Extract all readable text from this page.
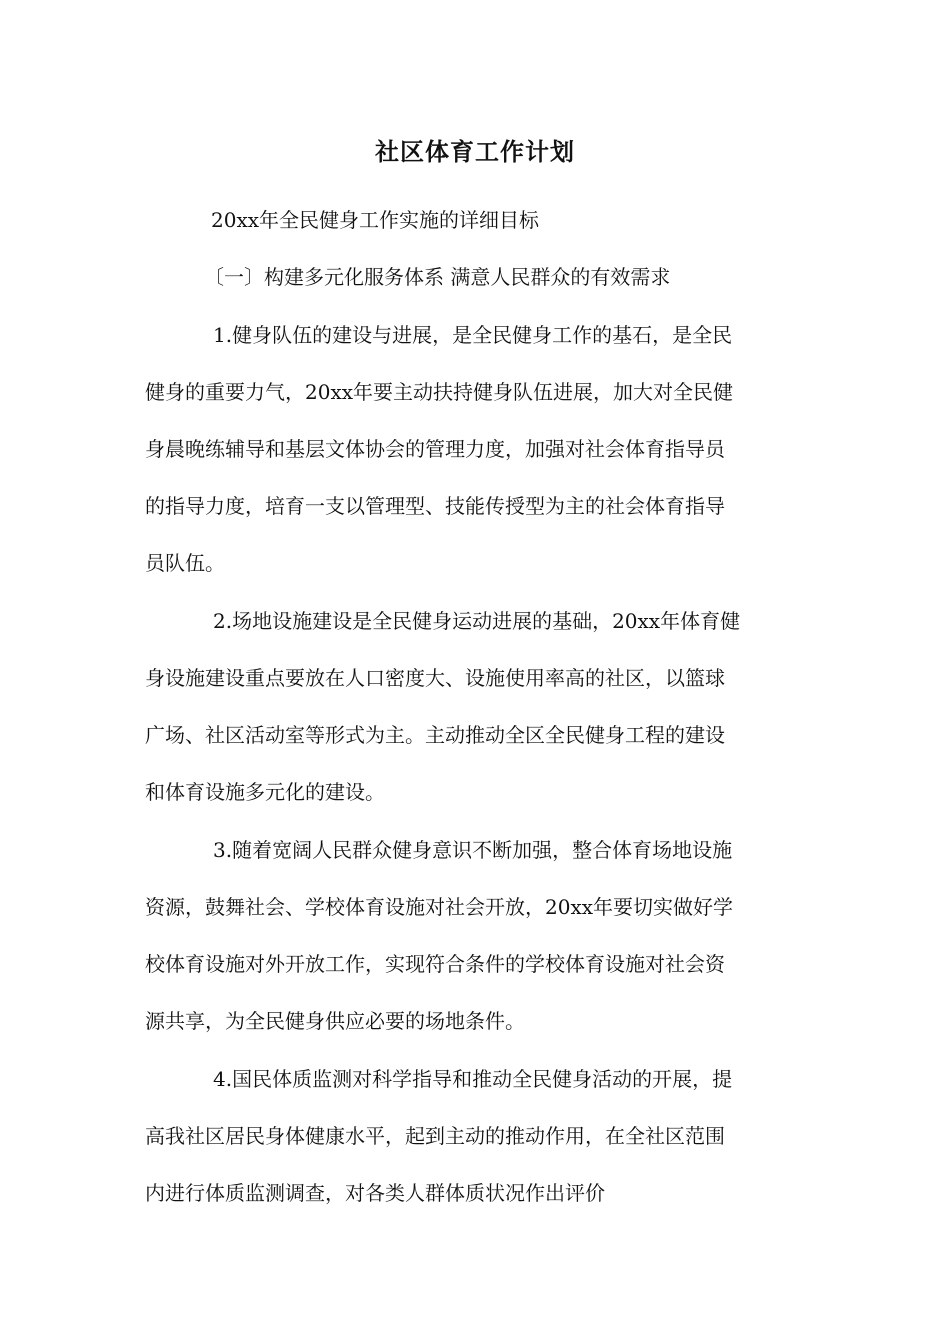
社区体育工作计划

20xx年全民健身工作实施的详细目标

〔一〕构建多元化服务体系 满意人民群众的有效需求

1.健身队伍的建设与进展，是全民健身工作的基石，是全民

健身的重要力气，20xx年要主动扶持健身队伍进展，加大对全民健

身晨晚练辅导和基层文体协会的管理力度，加强对社会体育指导员

的指导力度，培育一支以管理型、技能传授型为主的社会体育指导

员队伍。

2.场地设施建设是全民健身运动进展的基础，20xx年体育健

身设施建设重点要放在人口密度大、设施使用率高的社区，以篮球

广场、社区活动室等形式为主。主动推动全区全民健身工程的建设

和体育设施多元化的建设。

3.随着宽阔人民群众健身意识不断加强，整合体育场地设施

资源，鼓舞社会、学校体育设施对社会开放，20xx年要切实做好学

校体育设施对外开放工作，实现符合条件的学校体育设施对社会资

源共享，为全民健身供应必要的场地条件。

4.国民体质监测对科学指导和推动全民健身活动的开展，提

高我社区居民身体健康水平，起到主动的推动作用，在全社区范围

内进行体质监测调查，对各类人群体质状况作出评价
